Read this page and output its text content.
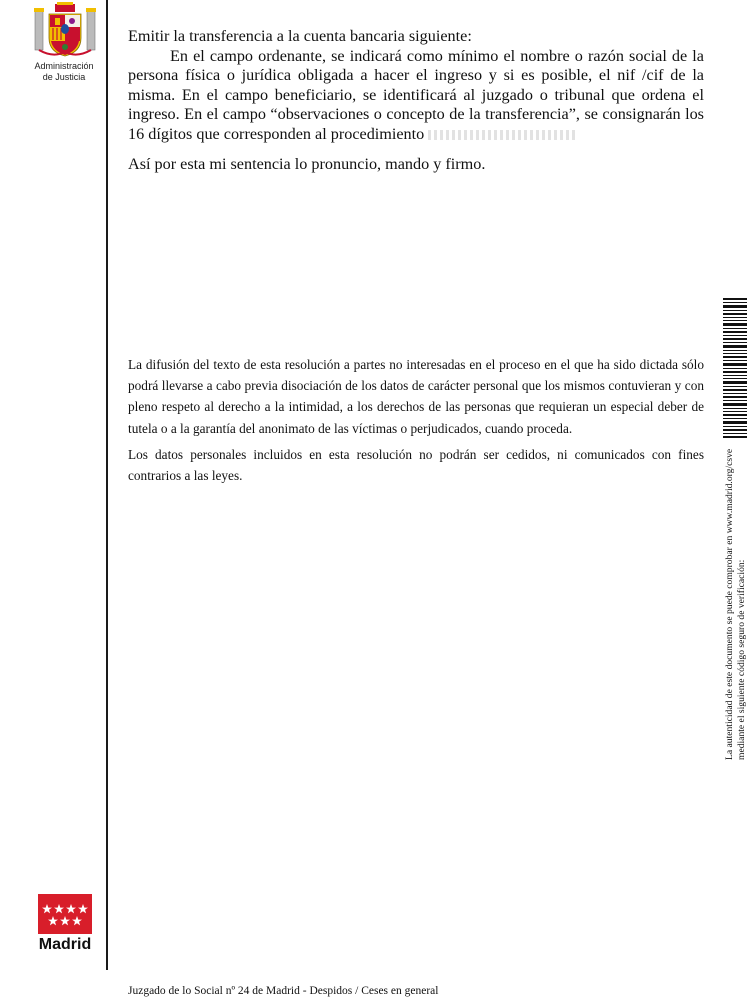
Administración
de Justicia
Emitir la transferencia a la cuenta bancaria siguiente:
En el campo ordenante, se indicará como mínimo el nombre o razón social de la persona física o jurídica obligada a hacer el ingreso y si es posible, el nif /cif de la misma. En el campo beneficiario, se identificará al juzgado o tribunal que ordena el ingreso. En el campo “observaciones o concepto de la transferencia”, se consignarán los 16 dígitos que corresponden al procedimiento
Así por esta mi sentencia lo pronuncio, mando y firmo.
La difusión del texto de esta resolución a partes no interesadas en el proceso en el que ha sido dictada sólo podrá llevarse a cabo previa disociación de los datos de carácter personal que los mismos contuvieran y con pleno respeto al derecho a la intimidad, a los derechos de las personas que requieran un especial deber de tutela o a la garantía del anonimato de las víctimas o perjudicados, cuando proceda.
Los datos personales incluidos en esta resolución no podrán ser cedidos, ni comunicados con fines contrarios a las leyes.	La autenticidad de este documento se puede comprobar en www.madrid.org/csve mediante el siguiente código seguro de verificación:
Madrid
Juzgado de lo Social nº 24 de Madrid - Despidos / Ceses en general
